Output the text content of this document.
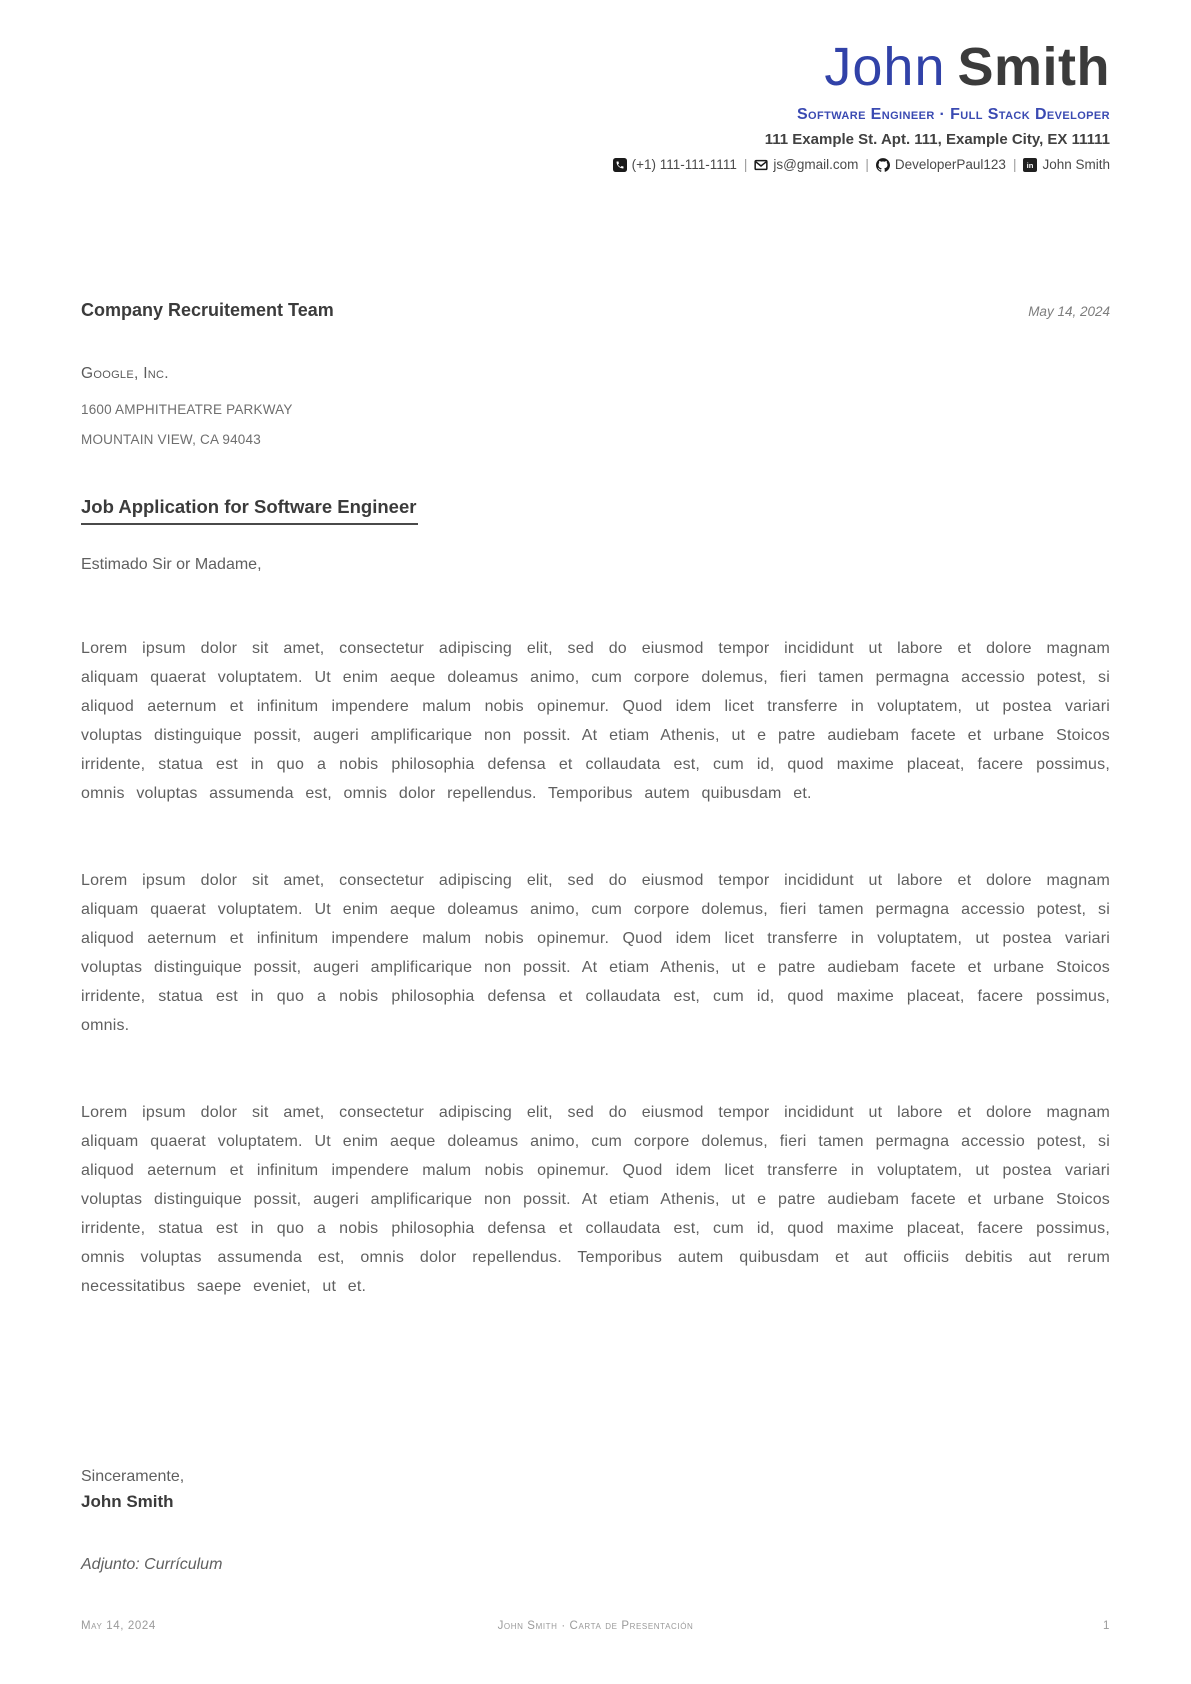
John Smith
Software Engineer · Full Stack Developer
111 Example St. Apt. 111, Example City, EX 11111
(+1) 111-111-1111 | js@gmail.com | DeveloperPaul123 | in John Smith
Company Recruitement Team	May 14, 2024
Google, Inc.
1600 AMPHITHEATRE PARKWAY
MOUNTAIN VIEW, CA 94043
Job Application for Software Engineer
Estimado Sir or Madame,

Lorem ipsum dolor sit amet, consectetur adipiscing elit, sed do eiusmod tempor incididunt ut labore et dolore magnam aliquam quaerat voluptatem. Ut enim aeque doleamus animo, cum corpore dolemus, fieri tamen permagna accessio potest, si aliquod aeternum et infinitum impendere malum nobis opinemur. Quod idem licet transferre in voluptatem, ut postea variari voluptas distinguique possit, augeri amplificarique non possit. At etiam Athenis, ut e patre audiebam facete et urbane Stoicos irridente, statua est in quo a nobis philosophia defensa et collaudata est, cum id, quod maxime placeat, facere possimus, omnis voluptas assumenda est, omnis dolor repellendus. Temporibus autem quibusdam et.

Lorem ipsum dolor sit amet, consectetur adipiscing elit, sed do eiusmod tempor incididunt ut labore et dolore magnam aliquam quaerat voluptatem. Ut enim aeque doleamus animo, cum corpore dolemus, fieri tamen permagna accessio potest, si aliquod aeternum et infinitum impendere malum nobis opinemur. Quod idem licet transferre in voluptatem, ut postea variari voluptas distinguique possit, augeri amplificarique non possit. At etiam Athenis, ut e patre audiebam facete et urbane Stoicos irridente, statua est in quo a nobis philosophia defensa et collaudata est, cum id, quod maxime placeat, facere possimus, omnis.

Lorem ipsum dolor sit amet, consectetur adipiscing elit, sed do eiusmod tempor incididunt ut labore et dolore magnam aliquam quaerat voluptatem. Ut enim aeque doleamus animo, cum corpore dolemus, fieri tamen permagna accessio potest, si aliquod aeternum et infinitum impendere malum nobis opinemur. Quod idem licet transferre in voluptatem, ut postea variari voluptas distinguique possit, augeri amplificarique non possit. At etiam Athenis, ut e patre audiebam facete et urbane Stoicos irridente, statua est in quo a nobis philosophia defensa et collaudata est, cum id, quod maxime placeat, facere possimus, omnis voluptas assumenda est, omnis dolor repellendus. Temporibus autem quibusdam et aut officiis debitis aut rerum necessitatibus saepe eveniet, ut et.

Sinceramente,
John Smith
Adjunto: Currículum
May 14, 2024	John Smith · Carta de Presentación	1
